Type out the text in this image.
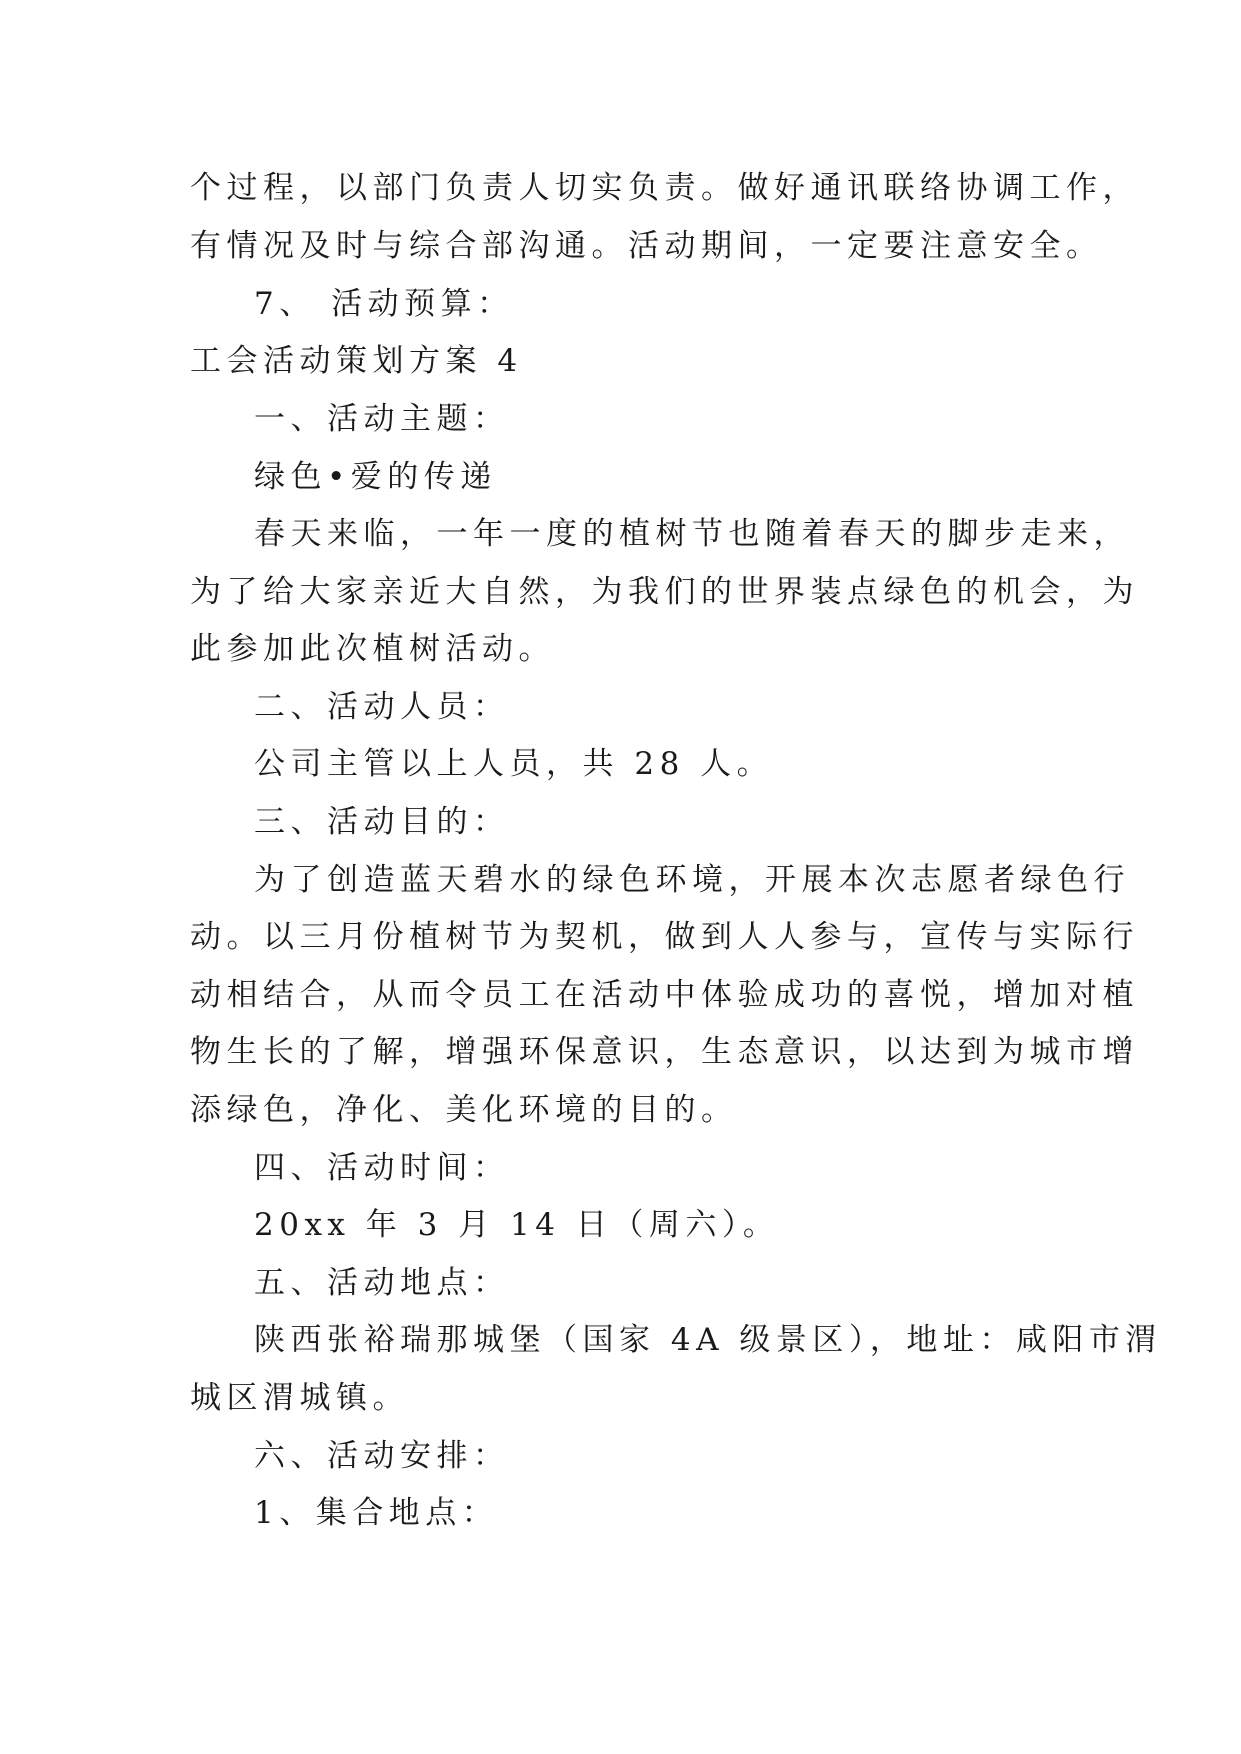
个过程，以部门负责人切实负责。做好通讯联络协调工作，
有情况及时与综合部沟通。活动期间，一定要注意安全。
7、 活动预算：
工会活动策划方案 4
一、活动主题：
绿色•爱的传递
春天来临，一年一度的植树节也随着春天的脚步走来，
为了给大家亲近大自然，为我们的世界装点绿色的机会，为
此参加此次植树活动。
二、活动人员：
公司主管以上人员，共 28 人。
三、活动目的：
为了创造蓝天碧水的绿色环境，开展本次志愿者绿色行
动。以三月份植树节为契机，做到人人参与，宣传与实际行
动相结合，从而令员工在活动中体验成功的喜悦，增加对植
物生长的了解，增强环保意识，生态意识，以达到为城市增
添绿色，净化、美化环境的目的。
四、活动时间：
20xx 年 3 月 14 日（周六）。
五、活动地点：
陕西张裕瑞那城堡（国家 4A 级景区），地址：咸阳市渭
城区渭城镇。
六、活动安排：
1、集合地点：
